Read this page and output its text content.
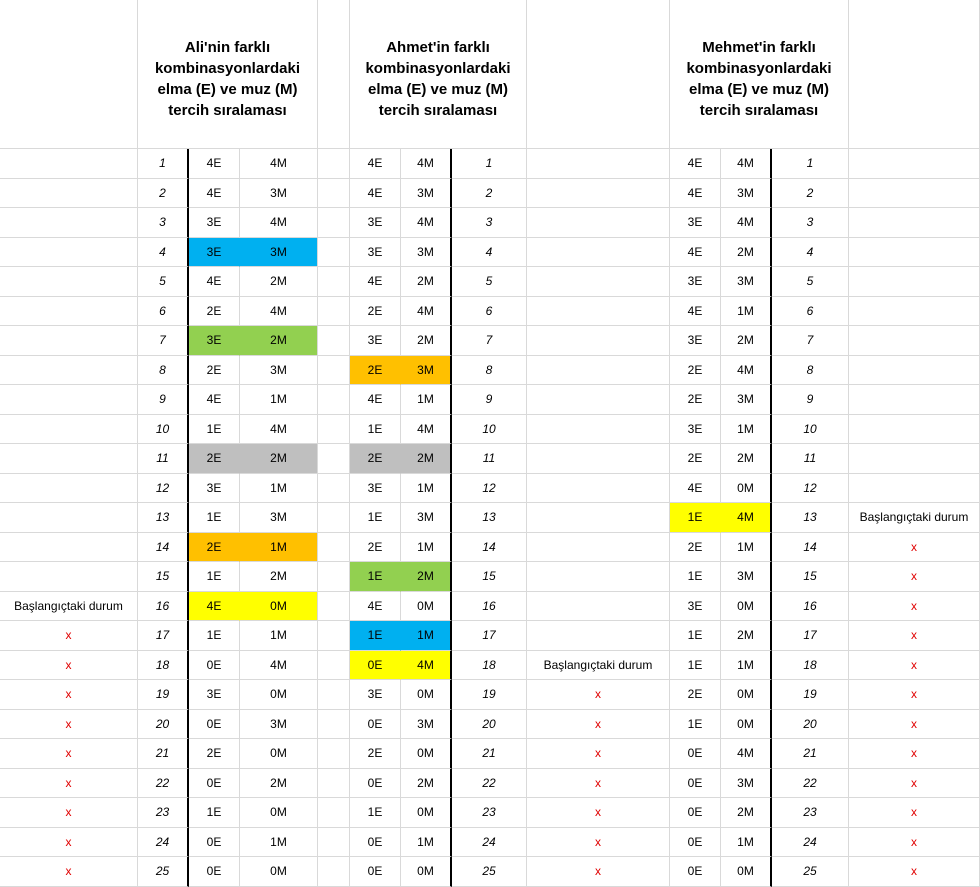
Ali'nin farklı kombinasyonlardaki elma (E) ve muz (M) tercih sıralaması
Ahmet'in farklı kombinasyonlardaki elma (E) ve muz (M) tercih sıralaması
Mehmet'in farklı kombinasyonlardaki elma (E) ve muz (M) tercih sıralaması
1	4E	4M	4E	4M	1	4E	4M	1
2	4E	3M	4E	3M	2	4E	3M	2
3	3E	4M	3E	4M	3	3E	4M	3
4	3E	3M	3E	3M	4	4E	2M	4
5	4E	2M	4E	2M	5	3E	3M	5
6	2E	4M	2E	4M	6	4E	1M	6
7	3E	2M	3E	2M	7	3E	2M	7
8	2E	3M	2E	3M	8	2E	4M	8
9	4E	1M	4E	1M	9	2E	3M	9
10	1E	4M	1E	4M	10	3E	1M	10
11	2E	2M	2E	2M	11	2E	2M	11
12	3E	1M	3E	1M	12	4E	0M	12
13	1E	3M	1E	3M	13	1E	4M	13	Başlangıçtaki durum
14	2E	1M	2E	1M	14	2E	1M	14	x
15	1E	2M	1E	2M	15	1E	3M	15	x
Başlangıçtaki durum	16	4E	0M	4E	0M	16	3E	0M	16	x
x	17	1E	1M	1E	1M	17	1E	2M	17	x
x	18	0E	4M	0E	4M	18	Başlangıçtaki durum	1E	1M	18	x
x	19	3E	0M	3E	0M	19	x	2E	0M	19	x
x	20	0E	3M	0E	3M	20	x	1E	0M	20	x
x	21	2E	0M	2E	0M	21	x	0E	4M	21	x
x	22	0E	2M	0E	2M	22	x	0E	3M	22	x
x	23	1E	0M	1E	0M	23	x	0E	2M	23	x
x	24	0E	1M	0E	1M	24	x	0E	1M	24	x
x	25	0E	0M	0E	0M	25	x	0E	0M	25	x
